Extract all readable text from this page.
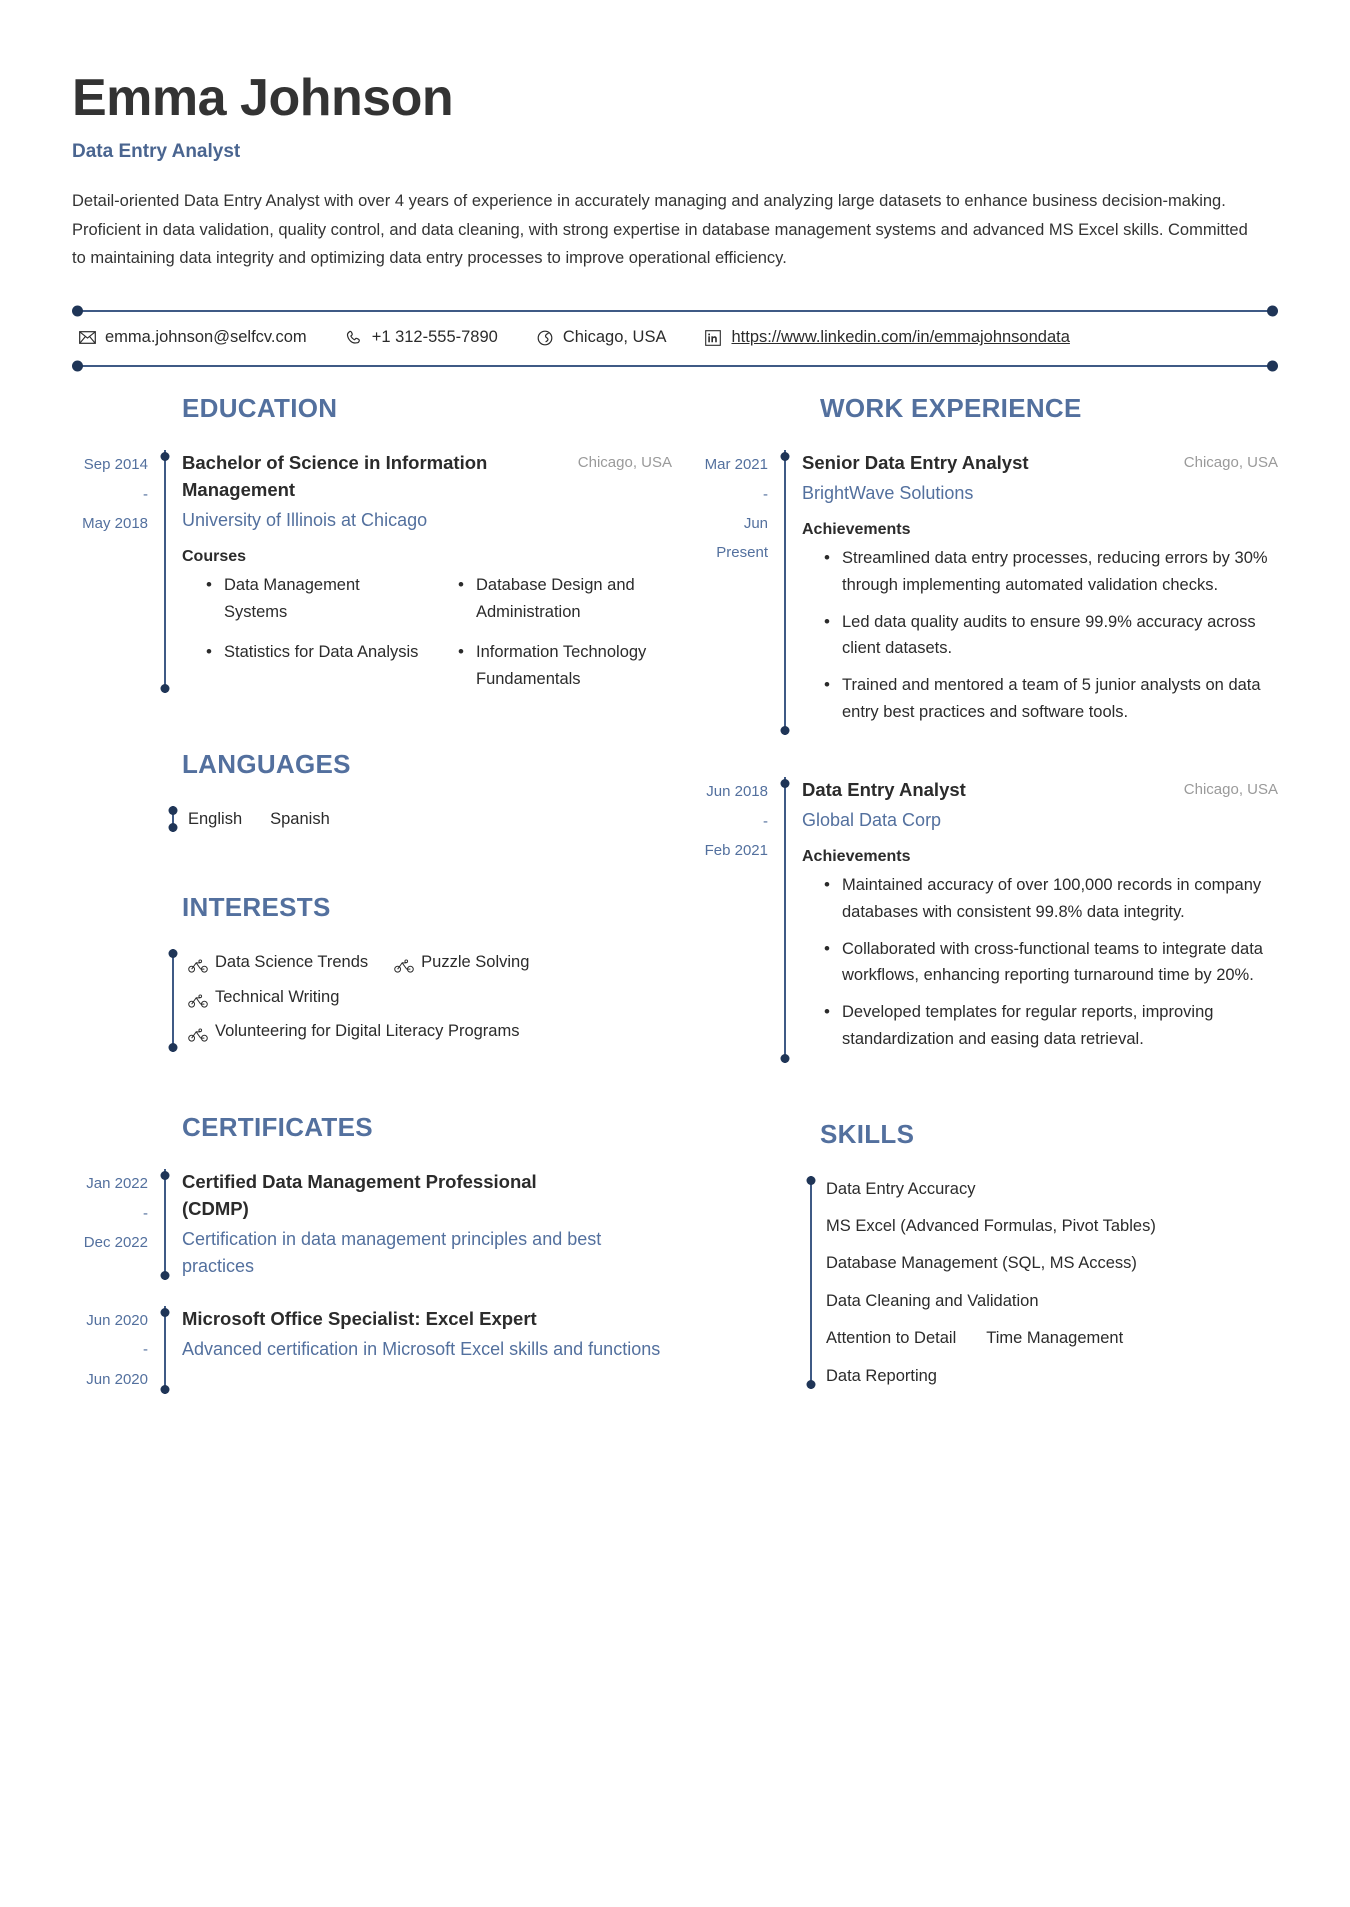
Emma Johnson
Data Entry Analyst
Detail-oriented Data Entry Analyst with over 4 years of experience in accurately managing and analyzing large datasets to enhance business decision-making. Proficient in data validation, quality control, and data cleaning, with strong expertise in database management systems and advanced MS Excel skills. Committed to maintaining data integrity and optimizing data entry processes to improve operational efficiency.
emma.johnson@selfcv.com	+1 312-555-7890	Chicago, USA	https://www.linkedin.com/in/emmajohnsondata
EDUCATION
Sep 2014
-
May 2018
Bachelor of Science in Information Management
Chicago, USA
University of Illinois at Chicago
Courses
• Data Management Systems
• Database Design and Administration
• Statistics for Data Analysis	• Information Technology Fundamentals
LANGUAGES
English Spanish
INTERESTS
Data Science Trends	Puzzle Solving
Technical Writing
Volunteering for Digital Literacy Programs
CERTIFICATES
Jan 2022
-
Dec 2022
Certified Data Management Professional (CDMP)
Certification in data management principles and best practices
Jun 2020
-
Jun 2020
Microsoft Office Specialist: Excel Expert
Advanced certification in Microsoft Excel skills and functions
WORK EXPERIENCE
Mar 2021
-
Jun
Present
Senior Data Entry Analyst	Chicago, USA
BrightWave Solutions
Achievements
• Streamlined data entry processes, reducing errors by 30% through implementing automated validation checks.
• Led data quality audits to ensure 99.9% accuracy across client datasets.
• Trained and mentored a team of 5 junior analysts on data entry best practices and software tools.
Jun 2018
-
Feb 2021
Data Entry Analyst	Chicago, USA
Global Data Corp
Achievements
• Maintained accuracy of over 100,000 records in company databases with consistent 99.8% data integrity.
• Collaborated with cross-functional teams to integrate data workflows, enhancing reporting turnaround time by 20%.
• Developed templates for regular reports, improving standardization and easing data retrieval.
SKILLS
Data Entry Accuracy
MS Excel (Advanced Formulas, Pivot Tables)
Database Management (SQL, MS Access)
Data Cleaning and Validation
Attention to Detail Time Management
Data Reporting
